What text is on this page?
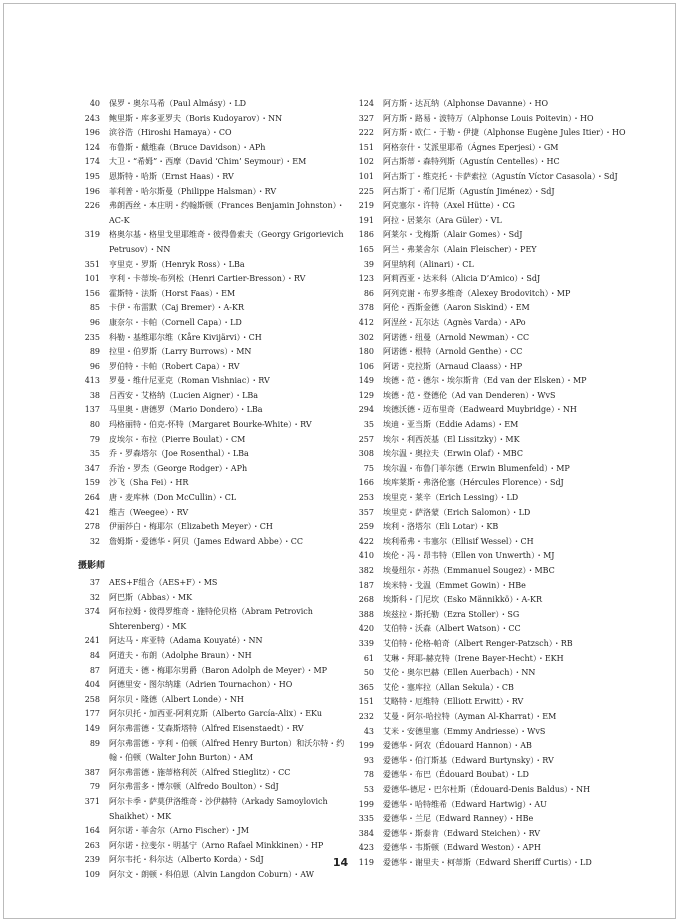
40 保罗・奥尔马希（Paul Almásy）・LD
243 鲍里斯・库多亚罗夫（Boris Kudoyarov）・NN
196 滨谷浩（Hiroshi Hamaya）・CO
124 布鲁斯・戴维森（Bruce Davidson）・APh
174 大卫・“希姆”・西摩（David ‘Chim’ Seymour）・EM
195 恩斯特・哈斯（Ernst Haas）・RV
196 菲利普・哈尔斯曼（Philippe Halsman）・RV
226 弗朗西丝・本庄明・约翰斯顿（Frances Benjamin Johnston）・AC-K
319 格奥尔基・格里戈里耶维奇・彼得鲁索夫（Georgy Grigorievich Petrusov）・NN
351 亨里克・罗斯（Henryk Ross）・LBa
101 亨利・卡蒂埃-布列松（Henri Cartier-Bresson）・RV
156 霍斯特・法斯（Horst Faas）・EM
85 卡伊・布雷默（Caj Bremer）・A-KR
96 康奈尔・卡帕（Cornell Capa）・LD
235 科勒・基维耶尔维（Kåre Kivijärvi）・CH
89 拉里・伯罗斯（Larry Burrows）・MN
96 罗伯特・卡帕（Robert Capa）・RV
413 罗曼・维什尼亚克（Roman Vishniac）・RV
38 吕西安・艾格纳（Lucien Aigner）・LBa
137 马里奥・唐德罗（Mario Dondero）・LBa
80 玛格丽特・伯克-怀特（Margaret Bourke-White）・RV
79 皮埃尔・布拉（Pierre Boulat）・CM
35 乔・罗森塔尔（Joe Rosenthal）・LBa
347 乔治・罗杰（George Rodger）・APh
159 沙飞（Sha Fei）・HR
264 唐・麦库林（Don McCullin）・CL
421 维吉（Weegee）・RV
278 伊丽莎白・梅耶尔（Elizabeth Meyer）・CH
32 詹姆斯・爱德华・阿贝（James Edward Abbe）・CC
摄影师
37 AES+F组合（AES+F）・MS
32 阿巴斯（Abbas）・MK
374 阿布拉姆・彼得罗维奇・施特伦贝格（Abram Petrovich Shterenberg）・MK
241 阿达马・库亚特（Adama Kouyaté）・NN
84 阿道夫・布朗（Adolphe Braun）・NH
87 阿道夫・德・梅耶尔男爵（Baron Adolph de Meyer）・MP
404 阿德里安・图尔纳雄（Adrien Tournachon）・HO
258 阿尔贝・隆德（Albert Londe）・NH
177 阿尔贝托・加西亚-阿利克斯（Alberto García-Alix）・EKu
149 阿尔弗雷德・艾森斯塔特（Alfred Eisenstaedt）・RV
89 阿尔弗雷德・亨利・伯顿（Alfred Henry Burton）和沃尔特・约翰・伯顿（Walter John Burton）・AM
387 阿尔弗雷德・施蒂格利茨（Alfred Stieglitz）・CC
79 阿尔弗雷多・博尔顿（Alfredo Boulton）・SdJ
371 阿尔卡季・萨莫伊洛维奇・沙伊赫特（Arkady Samoylovich Shaikhet）・MK
164 阿尔诺・菲舍尔（Arno Fischer）・JM
263 阿尔诺・拉斐尔・明基宁（Arno Rafael Minkkinen）・HP
239 阿尔韦托・科尔达（Alberto Korda）・SdJ
109 阿尔文・朗顿・科伯恩（Alvin Langdon Coburn）・AW
124 阿方斯・达瓦纳（Alphonse Davanne）・HO
327 阿方斯・路易・波特万（Alphonse Louis Poitevin）・HO
222 阿方斯・欧仁・于勒・伊捷（Alphonse Eugène Jules Itier）・HO
151 阿格奈什・艾派里耶希（Ágnes Eperjesi）・GM
102 阿古斯蒂・森特列斯（Agustín Centelles）・HC
101 阿古斯丁・维克托・卡萨索拉（Agustín Víctor Casasola）・SdJ
225 阿古斯丁・希门尼斯（Agustín Jiménez）・SdJ
219 阿克塞尔・许特（Axel Hütte）・CG
191 阿拉・居莱尔（Ara Güler）・VL
186 阿莱尔・戈梅斯（Alair Gomes）・SdJ
165 阿兰・弗莱舍尔（Alain Fleischer）・PEY
39 阿里纳利（Alinari）・CL
123 阿莉西亚・达米科（Alicia D’Amico）・SdJ
86 阿列克谢・布罗多维奇（Alexey Brodovitch）・MP
378 阿伦・西斯金德（Aaron Siskind）・EM
412 阿涅丝・瓦尔达（Agnès Varda）・APo
302 阿诺德・纽曼（Arnold Newman）・CC
180 阿诺德・根特（Arnold Genthe）・CC
106 阿诺・克拉斯（Arnaud Claass）・HP
149 埃德・范・德尔・埃尔斯肯（Ed van der Elsken）・MP
129 埃德・范・登德伦（Ad van Denderen）・WvS
294 埃德沃德・迈布里奇（Eadweard Muybridge）・NH
35 埃迪・亚当斯（Eddie Adams）・EM
257 埃尔・利西茨基（El Lissitzky）・MK
308 埃尔温・奥拉夫（Erwin Olaf）・MBC
75 埃尔温・布鲁门菲尔德（Erwin Blumenfeld）・MP
166 埃库莱斯・弗洛伦塞（Hércules Florence）・SdJ
253 埃里克・莱辛（Erich Lessing）・LD
357 埃里克・萨洛蒙（Erich Salomon）・LD
259 埃利・洛塔尔（Eli Lotar）・KB
422 埃利希弗・韦塞尔（Ellisif Wessel）・CH
410 埃伦・冯・昂韦特（Ellen von Unwerth）・MJ
382 埃曼纽尔・苏热（Emmanuel Sougez）・MBC
187 埃米特・戈温（Emmet Gowin）・HBe
268 埃斯科・门尼坎（Esko Männikkö）・A-KR
388 埃兹拉・斯托勒（Ezra Stoller）・SG
420 艾伯特・沃森（Albert Watson）・CC
339 艾伯特・伦格-帕奇（Albert Renger-Patzsch）・RB
61 艾琳・拜耶-赫克特（Irene Bayer-Hecht）・EKH
50 艾伦・奥尔巴赫（Ellen Auerbach）・NN
365 艾伦・塞库拉（Allan Sekula）・CB
151 艾略特・厄维特（Elliott Erwitt）・RV
232 艾曼・阿尔-哈拉特（Ayman Al-Kharrat）・EM
43 艾米・安德里塞（Emmy Andriesse）・WvS
199 爱德华・阿农（Édouard Hannon）・AB
93 爱德华・伯汀斯基（Edward Burtynsky）・RV
78 爱德华・布巴（Édouard Boubat）・LD
53 爱德华-德尼・巴尔杜斯（Édouard-Denis Baldus）・NH
199 爱德华・哈特维希（Edward Hartwig）・AU
335 爱德华・兰尼（Edward Ranney）・HBe
384 爱德华・斯泰肯（Edward Steichen）・RV
423 爱德华・韦斯顿（Edward Weston）・APH
119 爱德华・谢里夫・柯蒂斯（Edward Sheriff Curtis）・LD
14
